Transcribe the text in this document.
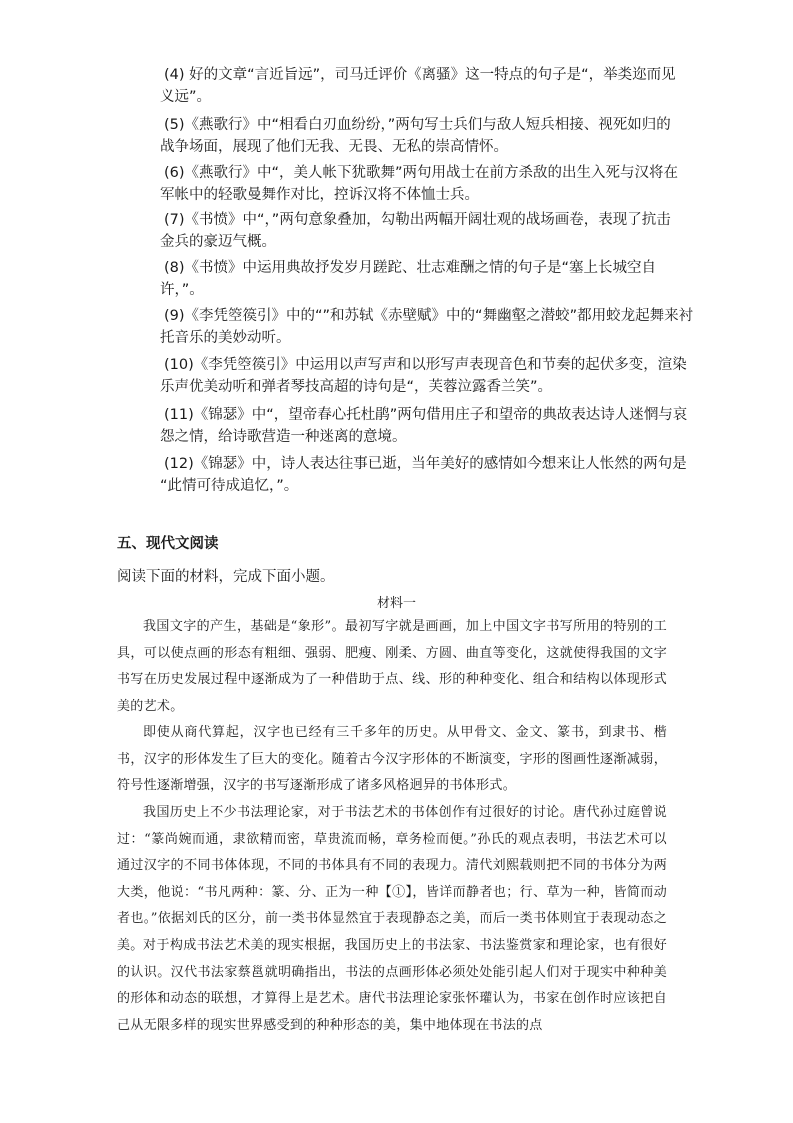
(4) 好的文章“言近旨远”，司马迁评价《离骚》这一特点的句子是“，举类迩而见
义远”。

(5)《燕歌行》中“相看白刃血纷纷，”两句写士兵们与敌人短兵相接、视死如归的
战争场面，展现了他们无我、无畏、无私的崇高情怀。

(6)《燕歌行》中“，美人帐下犹歌舞”两句用战士在前方杀敌的出生入死与汉将在
军帐中的轻歌曼舞作对比，控诉汉将不体恤士兵。

(7)《书愤》中“，”两句意象叠加，勾勒出两幅开阔壮观的战场画卷，表现了抗击
金兵的豪迈气概。

(8)《书愤》中运用典故抒发岁月蹉跎、壮志难酬之情的句子是“塞上长城空自
许，”。

(9)《李凭箜篌引》中的“”和苏轼《赤壁赋》中的“舞幽壑之潜蛟”都用蛟龙起舞来衬
托音乐的美妙动听。

(10)《李凭箜篌引》中运用以声写声和以形写声表现音色和节奏的起伏多变，渲染
乐声优美动听和弹者琴技高超的诗句是“，芙蓉泣露香兰笑”。

(11)《锦瑟》中“，望帝春心托杜鹃”两句借用庄子和望帝的典故表达诗人迷惘与哀
怨之情，给诗歌营造一种迷离的意境。

(12)《锦瑟》中，诗人表达往事已逝，当年美好的感情如今想来让人怅然的两句是
“此情可待成追忆，”。

五、现代文阅读

阅读下面的材料，完成下面小题。

材料一

我国文字的产生，基础是“象形”。最初写字就是画画，加上中国文字书写所用的特别的工具，可以使点画的形态有粗细、强弱、肥瘦、刚柔、方圆、曲直等变化，这就使得我国的文字书写在历史发展过程中逐渐成为了一种借助于点、线、形的种种变化、组合和结构以体现形式美的艺术。

即使从商代算起，汉字也已经有三千多年的历史。从甲骨文、金文、篆书，到隶书、楷书，汉字的形体发生了巨大的变化。随着古今汉字形体的不断演变，字形的图画性逐渐减弱，符号性逐渐增强，汉字的书写逐渐形成了诸多风格迥异的书体形式。

我国历史上不少书法理论家，对于书法艺术的书体创作有过很好的讨论。唐代孙过庭曾说过：“篆尚婉而通，隶欲精而密，草贵流而畅，章务检而便。”孙氏的观点表明，书法艺术可以通过汉字的不同书体体现，不同的书体具有不同的表现力。清代刘熙载则把不同的书体分为两大类，他说：“书凡两种：篆、分、正为一种【①】，皆详而静者也；行、草为一种，皆简而动者也。”依据刘氏的区分，前一类书体显然宜于表现静态之美，而后一类书体则宜于表现动态之美。 对于构成书法艺术美的现实根据，我国历史上的书法家、书法鉴赏家和理论家，也有很好的认识。汉代书法家蔡邕就明确指出，书法的点画形体必须处处能引起人们对于现实中种种美的形体和动态的联想，才算得上是艺术。唐代书法理论家张怀瓘认为，书家在创作时应该把自己从无限多样的现实世界感受到的种种形态的美，集中地体现在书法的点
